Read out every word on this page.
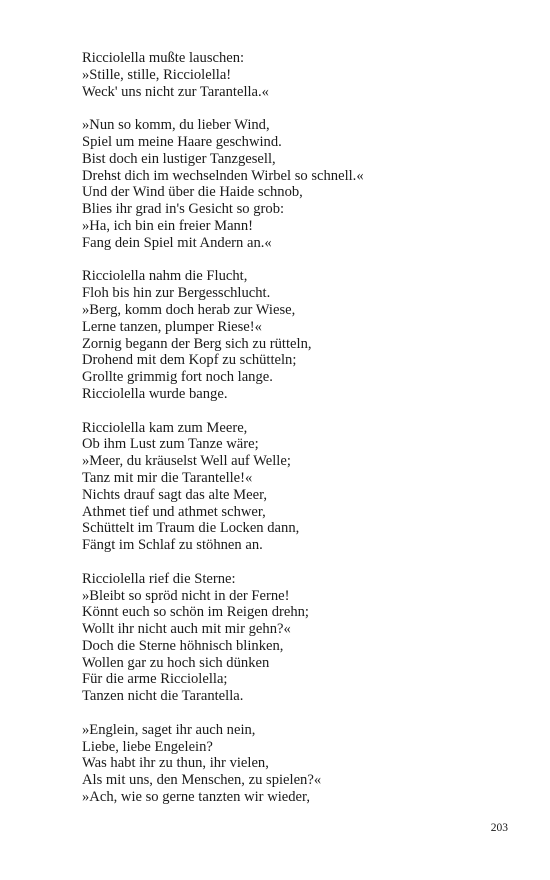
Ricciolella mußte lauschen:
»Stille, stille, Ricciolella!
Weck' uns nicht zur Tarantella.«
»Nun so komm, du lieber Wind,
Spiel um meine Haare geschwind.
Bist doch ein lustiger Tanzgesell,
Drehst dich im wechselnden Wirbel so schnell.«
Und der Wind über die Haide schnob,
Blies ihr grad in's Gesicht so grob:
»Ha, ich bin ein freier Mann!
Fang dein Spiel mit Andern an.«
Ricciolella nahm die Flucht,
Floh bis hin zur Bergesschlucht.
»Berg, komm doch herab zur Wiese,
Lerne tanzen, plumper Riese!«
Zornig begann der Berg sich zu rütteln,
Drohend mit dem Kopf zu schütteln;
Grollte grimmig fort noch lange.
Ricciolella wurde bange.
Ricciolella kam zum Meere,
Ob ihm Lust zum Tanze wäre;
»Meer, du kräuselst Well auf Welle;
Tanz mit mir die Tarantelle!«
Nichts drauf sagt das alte Meer,
Athmet tief und athmet schwer,
Schüttelt im Traum die Locken dann,
Fängt im Schlaf zu stöhnen an.
Ricciolella rief die Sterne:
»Bleibt so spröd nicht in der Ferne!
Könnt euch so schön im Reigen drehn;
Wollt ihr nicht auch mit mir gehn?«
Doch die Sterne höhnisch blinken,
Wollen gar zu hoch sich dünken
Für die arme Ricciolella;
Tanzen nicht die Tarantella.
»Englein, saget ihr auch nein,
Liebe, liebe Engelein?
Was habt ihr zu thun, ihr vielen,
Als mit uns, den Menschen, zu spielen?«
»Ach, wie so gerne tanzten wir wieder,
203
